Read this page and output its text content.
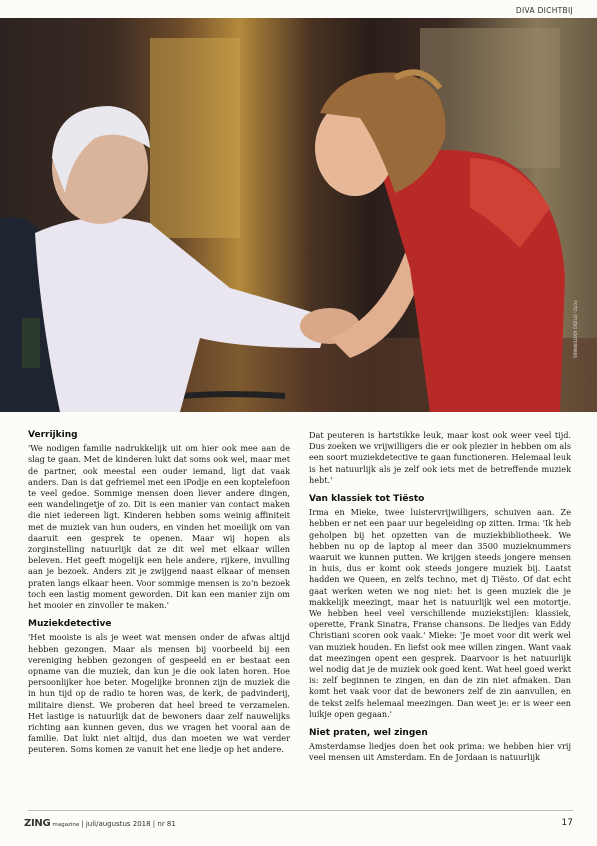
DIVA DICHTBIJ
FOTO: STUDIO KASTERMANS
Verrijking

'We nodigen familie nadrukkelijk uit om hier ook mee aan de slag te gaan. Met de kinderen lukt dat soms ook wel, maar met de partner, ook meestal een ouder iemand, ligt dat vaak anders. Dan is dat gefriemel met een iPodje en een koptelefoon te veel gedoe. Sommige mensen doen liever andere dingen, een wandelingetje of zo. Dit is een manier van contact maken die niet iedereen ligt. Kinderen hebben soms weinig affiniteit met de muziek van hun ouders, en vinden het moeilijk om van daaruit een gesprek te openen. Maar wij hopen als zorginstelling natuurlijk dat ze dit wel met elkaar willen beleven. Het geeft mogelijk een hele andere, rijkere, invulling aan je bezoek. Anders zit je zwijgend naast elkaar of mensen praten langs elkaar heen. Voor sommige mensen is zo'n bezoek toch een lastig moment geworden. Dit kan een manier zijn om het mooier en zinvoller te maken.'

Muziekdetective

'Het mooiste is als je weet wat mensen onder de afwas altijd hebben gezongen. Maar als mensen bij voorbeeld bij een vereniging hebben gezongen of gespeeld en er bestaat een opname van die muziek, dan kun je die ook laten horen. Hoe persoonlijker hoe beter. Mogelijke bronnen zijn de muziek die in hun tijd op de radio te horen was, de kerk, de padvinderij, militaire dienst. We proberen dat heel breed te verzamelen. Het lastige is natuurlijk dat de bewoners daar zelf nauwelijks richting aan kunnen geven, dus we vragen het vooral aan de familie. Dat lukt niet altijd, dus dan moeten we wat verder peuteren. Soms komen ze vanuit het ene liedje op het andere.

Dat peuteren is hartstikke leuk, maar kost ook weer veel tijd. Dus zoeken we vrijwilligers die er ook plezier in hebben om als een soort muziekdetective te gaan functioneren. Helemaal leuk is het natuurlijk als je zelf ook iets met de betreffende muziek hebt.'

Van klassiek tot Tiësto

Irma en Mieke, twee luistervrijwilligers, schuiven aan. Ze hebben er net een paar uur begeleiding op zitten. Irma: 'Ik heb geholpen bij het opzetten van de muziekbibliotheek. We hebben nu op de laptop al meer dan 3500 muzieknummers waaruit we kunnen putten. We krijgen steeds jongere mensen in huis, dus er komt ook steeds jongere muziek bij. Laatst hadden we Queen, en zelfs techno, met dj Tiësto. Of dat echt gaat werken weten we nog niet: het is geen muziek die je makkelijk meezingt, maar het is natuurlijk wel een motortje. We hebben heel veel verschillende muziekstijlen: klassiek, operette, Frank Sinatra, Franse chansons. De liedjes van Eddy Christiani scoren ook vaak.' Mieke: 'Je moet voor dit werk wel van muziek houden. En liefst ook mee willen zingen. Want vaak dat meezingen opent een gesprek. Daarvoor is het natuurlijk wel nodig dat je de muziek ook goed kent. Wat heel goed werkt is: zelf beginnen te zingen, en dan de zin niet afmaken. Dan komt het vaak voor dat de bewoners zelf de zin aanvullen, en de tekst zelfs helemaal meezingen. Dan weet je: er is weer een luikje open gegaan.'

Niet praten, wel zingen

Amsterdamse liedjes doen het ook prima: we hebben hier vrij veel mensen uit Amsterdam. En de Jordaan is natuurlijk

ZING magazine | juli/augustus 2018 | nr 81	17
